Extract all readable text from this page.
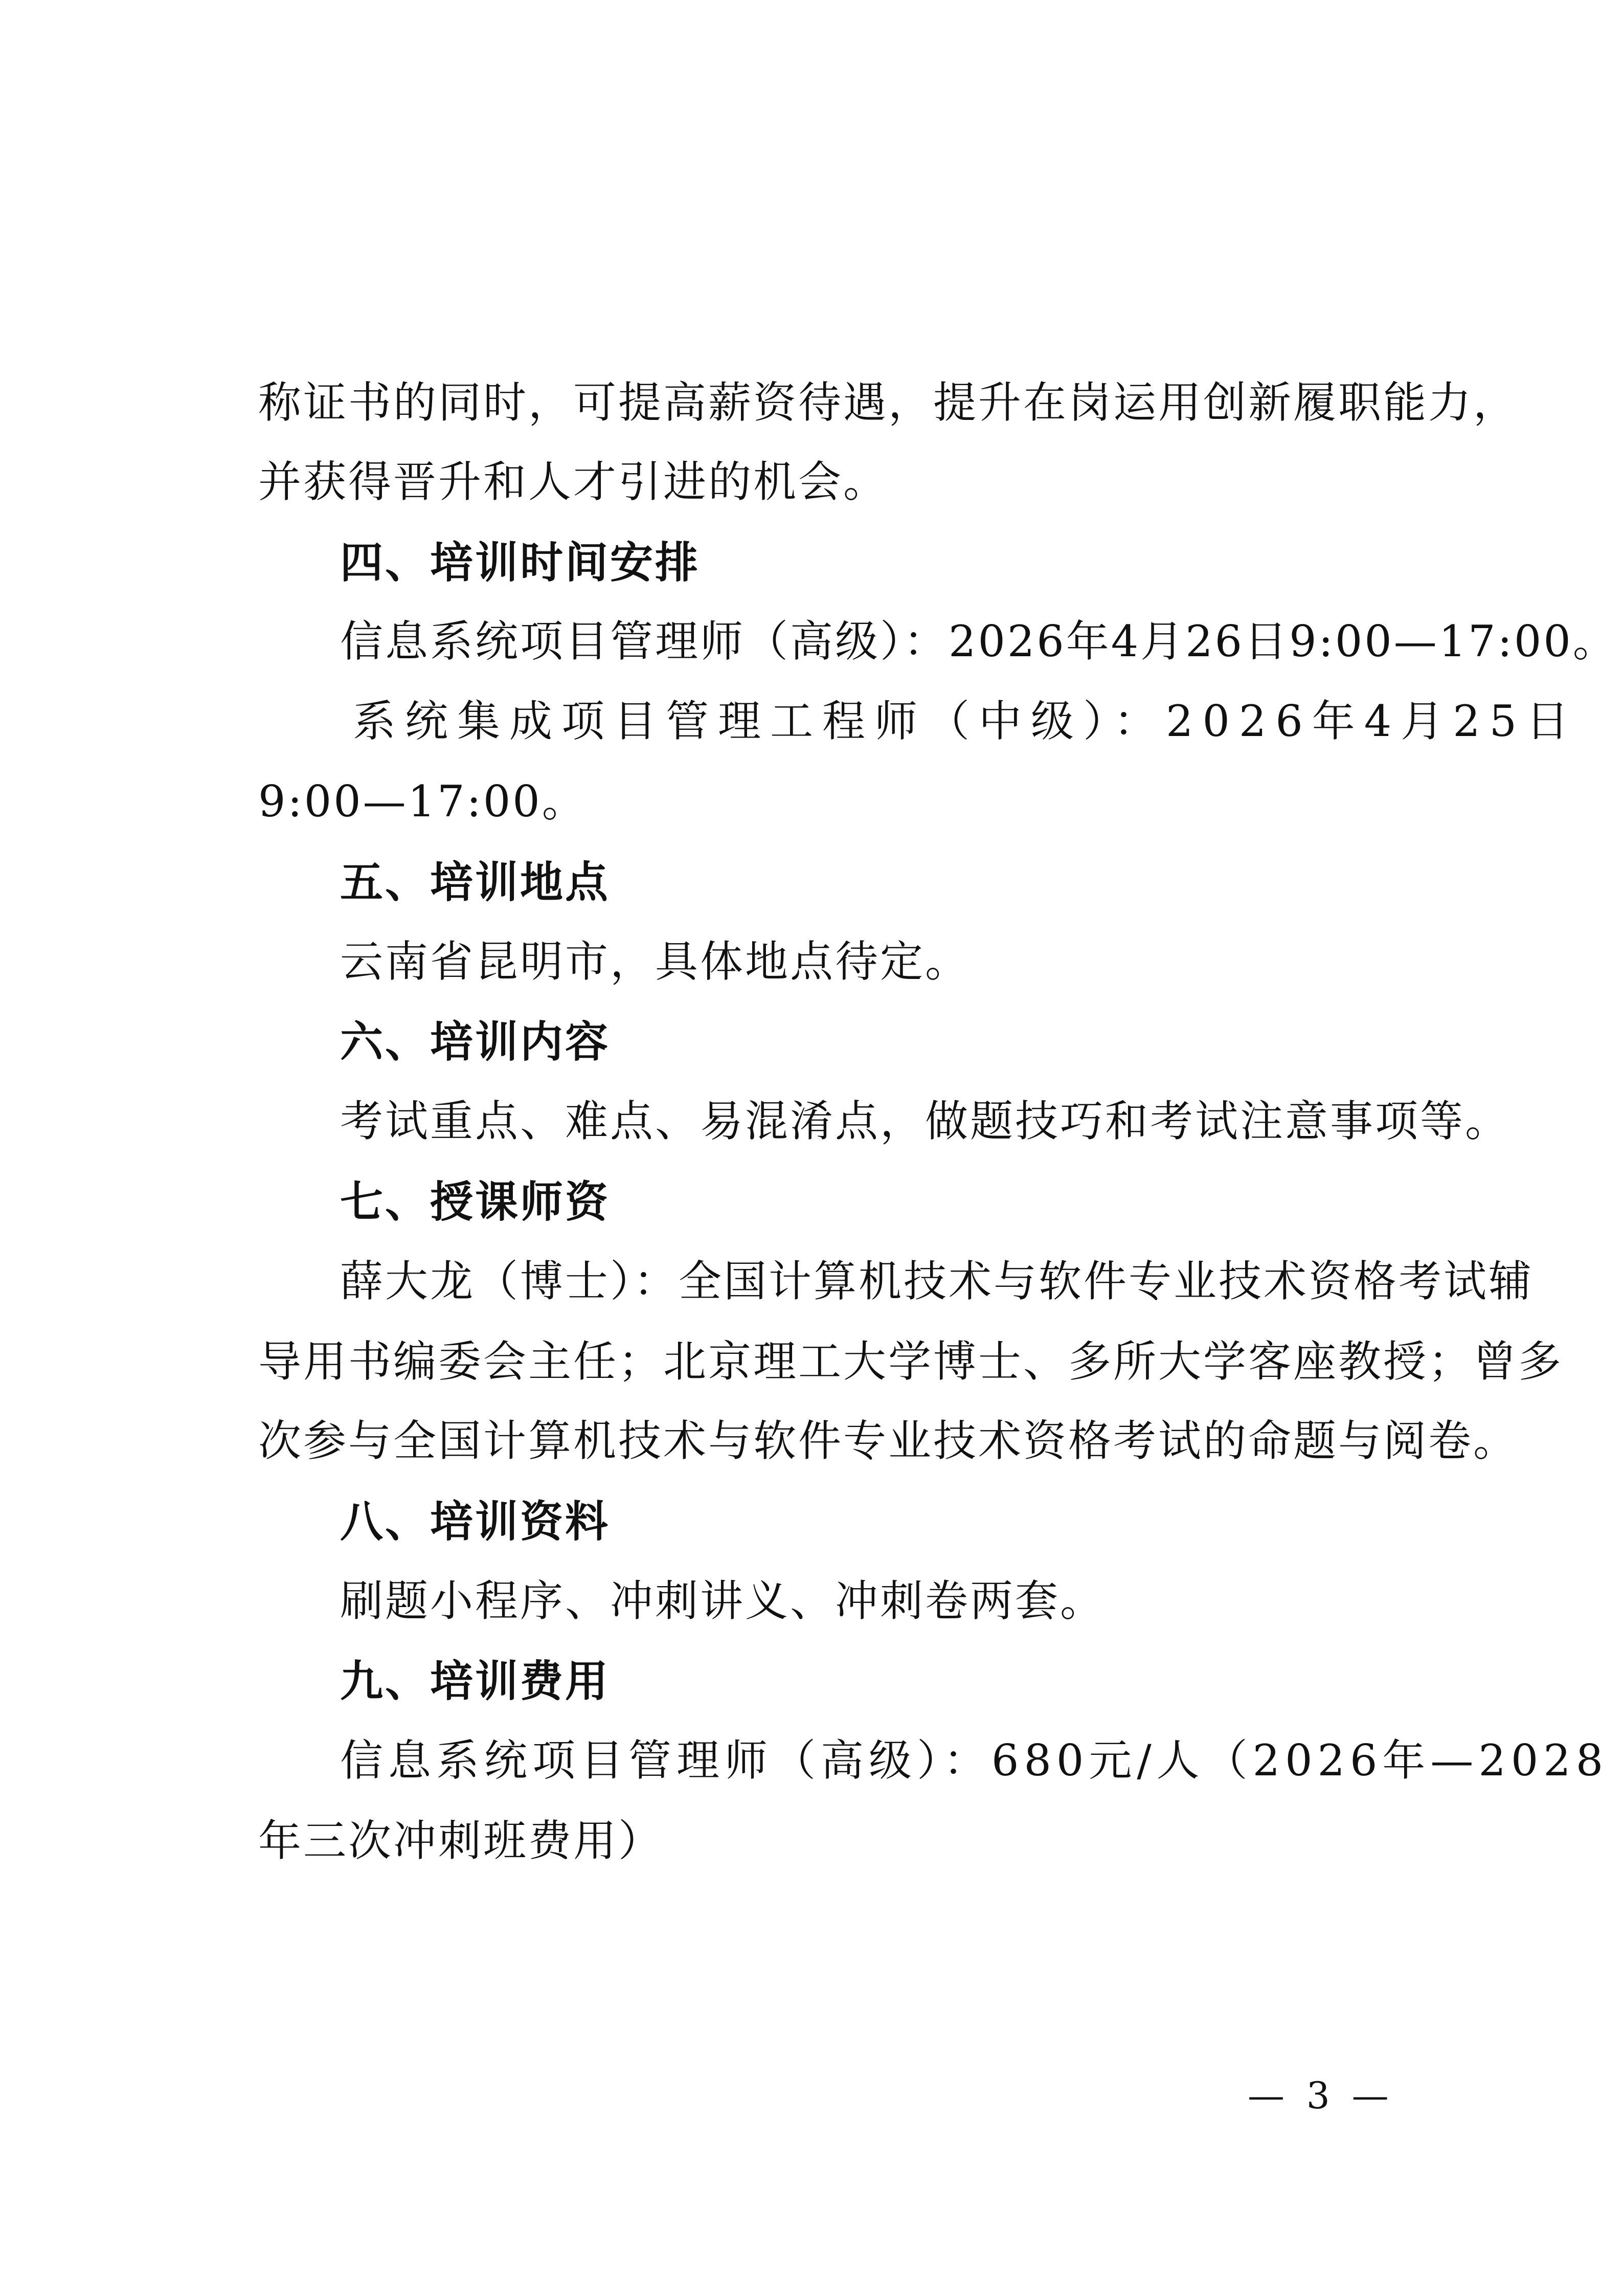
称证书的同时，可提高薪资待遇，提升在岗运用创新履职能力，
并获得晋升和人才引进的机会。
四、培训时间安排
信息系统项目管理师（高级）：2026年4月26日9:00—17:00。
系统集成项目管理工程师（中级）：2026年4月25日
9:00—17:00。
五、培训地点
云南省昆明市，具体地点待定。
六、培训内容
考试重点、难点、易混淆点，做题技巧和考试注意事项等。
七、授课师资
薛大龙（博士）：全国计算机技术与软件专业技术资格考试辅
导用书编委会主任；北京理工大学博士、多所大学客座教授；曾多
次参与全国计算机技术与软件专业技术资格考试的命题与阅卷。
八、培训资料
刷题小程序、冲刺讲义、冲刺卷两套。
九、培训费用
信息系统项目管理师（高级）：680元/人（2026年—2028
年三次冲刺班费用）
— 3 —
